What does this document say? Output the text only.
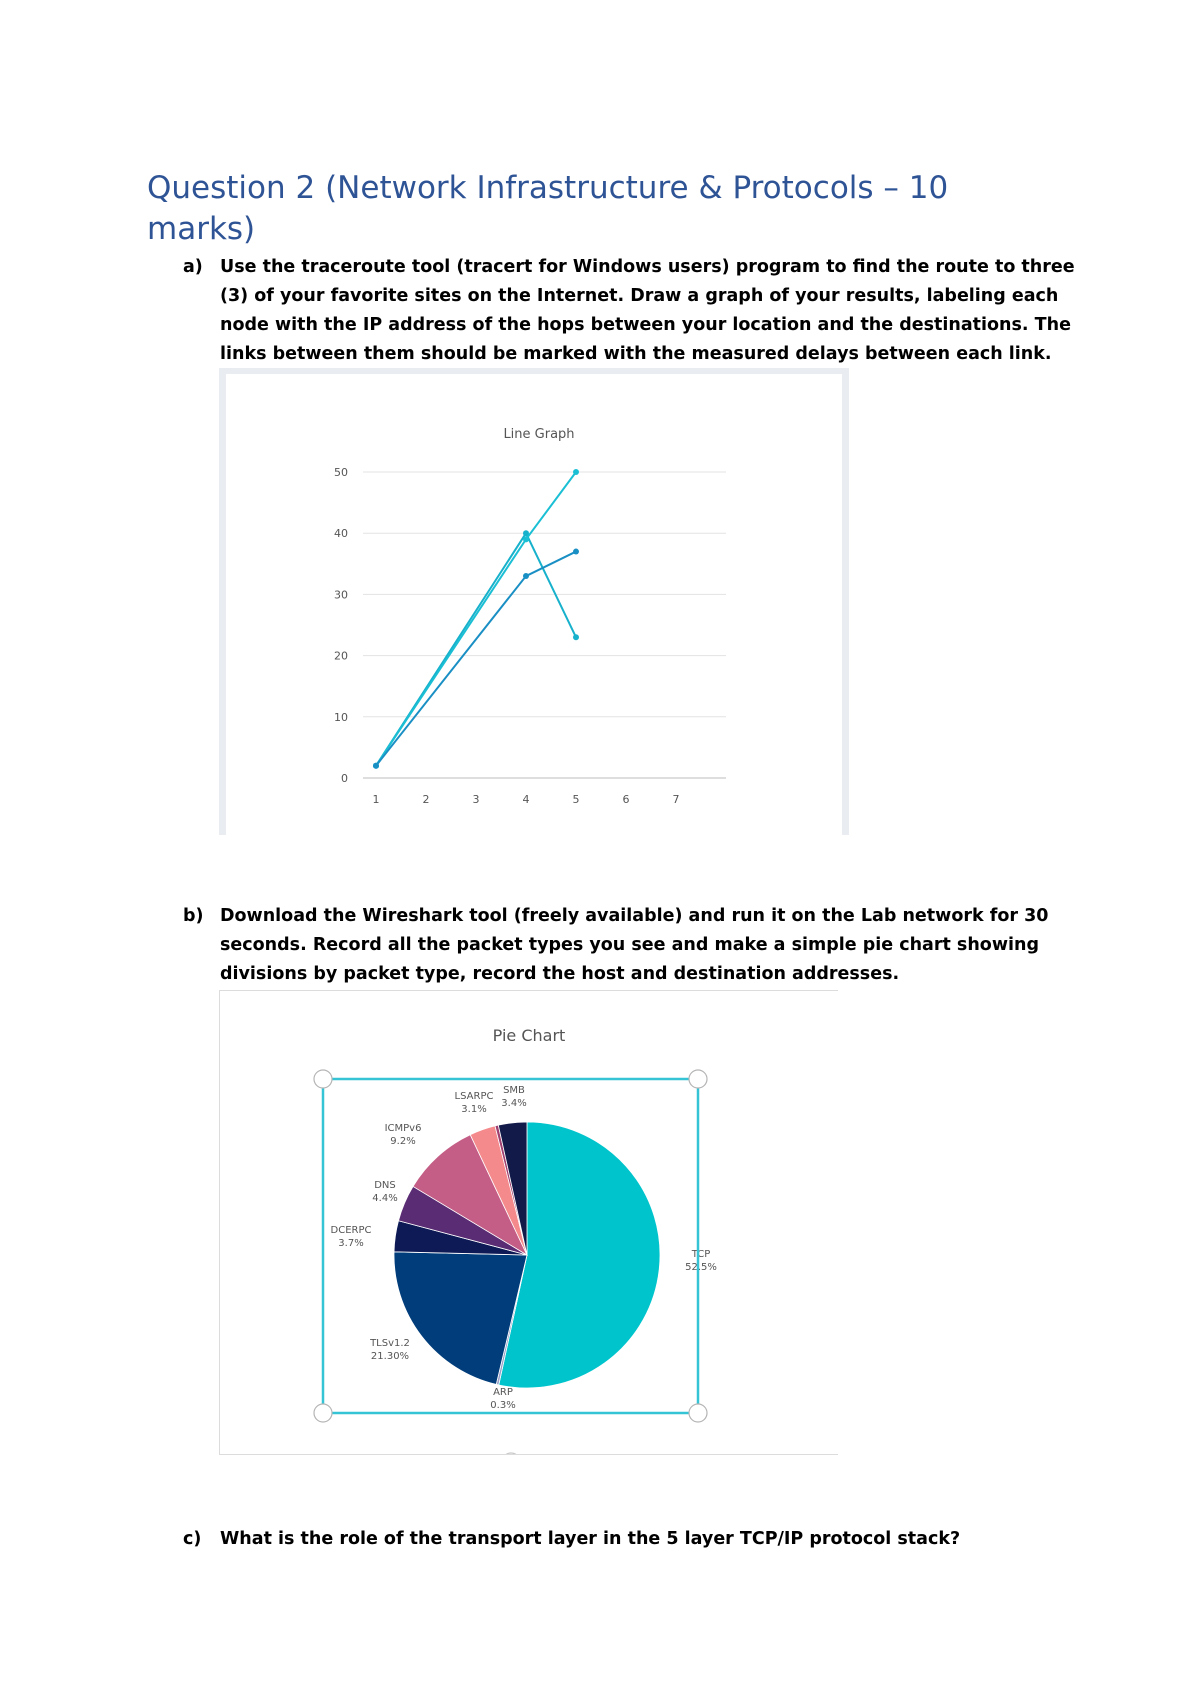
Question 2 (Network Infrastructure & Protocols – 10 marks)
a) Use the traceroute tool (tracert for Windows users) program to find the route to three (3) of your favorite sites on the Internet. Draw a graph of your results, labeling each node with the IP address of the hops between your location and the destinations. The links between them should be marked with the measured delays between each link.
Line Graph
0
10
20
30
40
50
1	2	3	4	5	6	7
b) Download the Wireshark tool (freely available) and run it on the Lab network for 30 seconds. Record all the packet types you see and make a simple pie chart showing divisions by packet type, record the host and destination addresses.
Pie Chart
TCP
52.5%
ARP
0.3%
TLSv1.2
21.30%
DCERPC
3.7%
DNS
4.4%
ICMPv6
9.2%
LSARPC
3.1%
SMB
3.4%
c) What is the role of the transport layer in the 5 layer TCP/IP protocol stack?
